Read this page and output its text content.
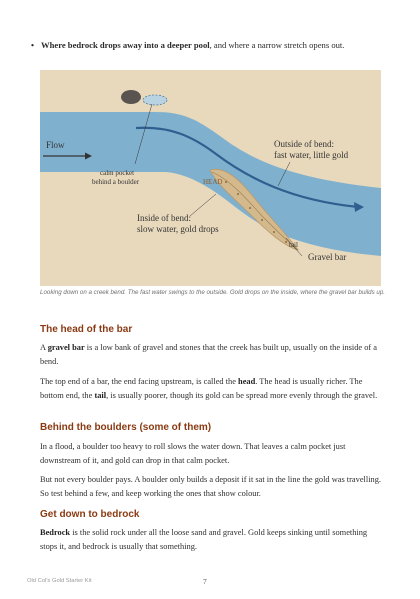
• Where bedrock drops away into a deeper pool, and where a narrow stretch opens out.

Flow
calm pocket
behind a boulder
Outside of bend:
fast water, little gold
HEAD
Inside of bend:
slow water, gold drops
tail
Gravel bar

Looking down on a creek bend. The fast water swings to the outside. Gold drops on the inside, where the gravel bar builds up.

The head of the bar

A gravel bar is a low bank of gravel and stones that the creek has built up, usually on the inside of a bend.

The top end of a bar, the end facing upstream, is called the head. The head is usually richer. The bottom end, the tail, is usually poorer, though its gold can be spread more evenly through the gravel.

Behind the boulders (some of them)

In a flood, a boulder too heavy to roll slows the water down. That leaves a calm pocket just downstream of it, and gold can drop in that calm pocket.

But not every boulder pays. A boulder only builds a deposit if it sat in the line the gold was travelling. So test behind a few, and keep working the ones that show colour.

Get down to bedrock

Bedrock is the solid rock under all the loose sand and gravel. Gold keeps sinking until something stops it, and bedrock is usually that something.

Old Col's Gold Starter Kit	7
